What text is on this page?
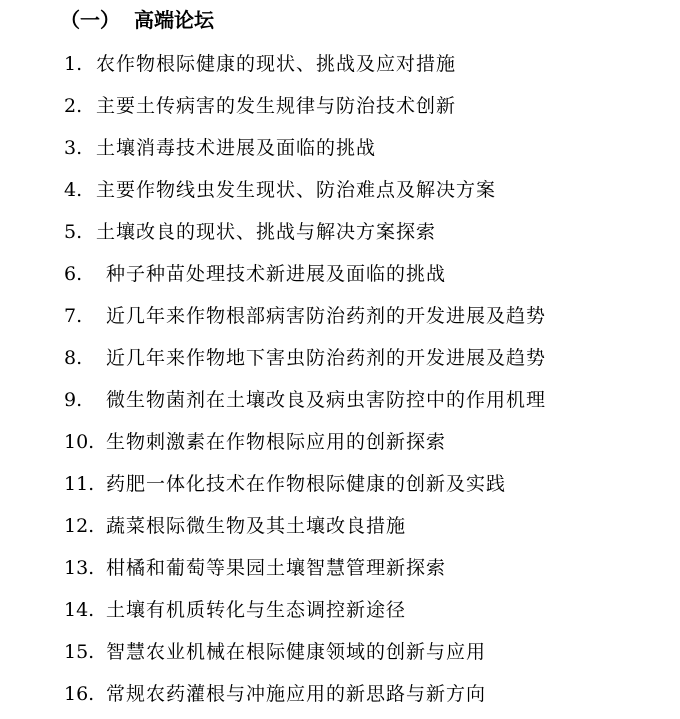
（一） 高端论坛
1. 农作物根际健康的现状、挑战及应对措施
2. 主要土传病害的发生规律与防治技术创新
3. 土壤消毒技术进展及面临的挑战
4. 主要作物线虫发生现状、防治难点及解决方案
5. 土壤改良的现状、挑战与解决方案探索
6. 种子种苗处理技术新进展及面临的挑战
7. 近几年来作物根部病害防治药剂的开发进展及趋势
8. 近几年来作物地下害虫防治药剂的开发进展及趋势
9. 微生物菌剂在土壤改良及病虫害防控中的作用机理
10. 生物刺激素在作物根际应用的创新探索
11. 药肥一体化技术在作物根际健康的创新及实践
12. 蔬菜根际微生物及其土壤改良措施
13. 柑橘和葡萄等果园土壤智慧管理新探索
14. 土壤有机质转化与生态调控新途径
15. 智慧农业机械在根际健康领域的创新与应用
16. 常规农药灌根与冲施应用的新思路与新方向
